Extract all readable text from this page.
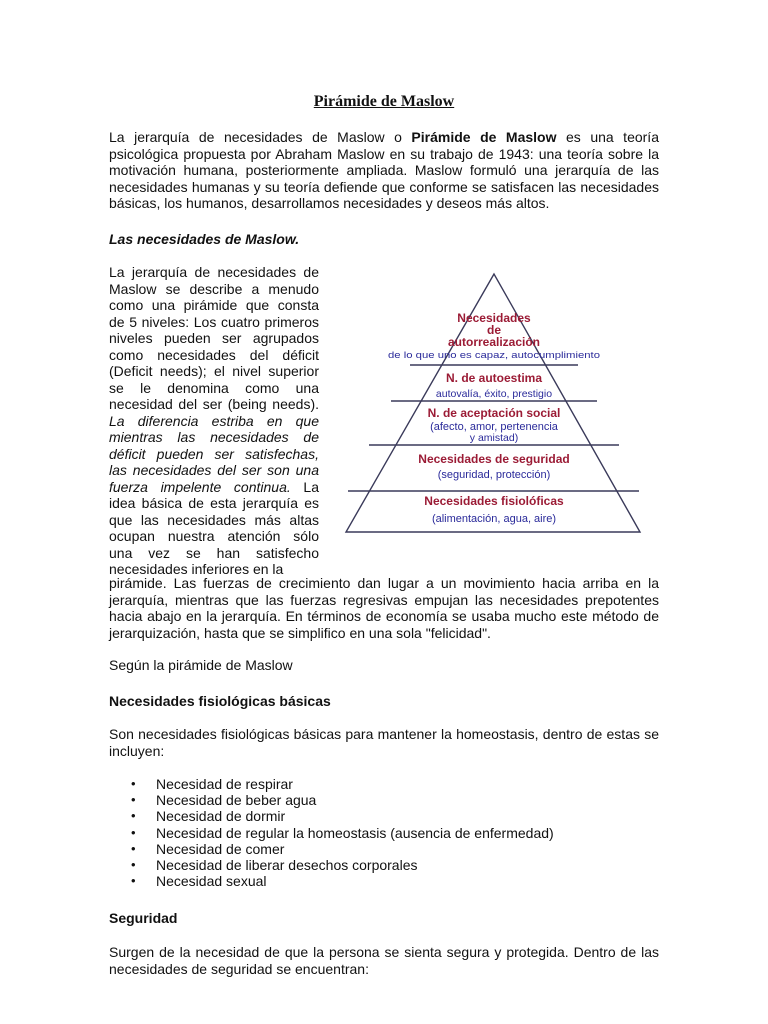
Pirámide de Maslow

La jerarquía de necesidades de Maslow o Pirámide de Maslow es una teoría psicológica propuesta por Abraham Maslow en su trabajo de 1943: una teoría sobre la motivación humana, posteriormente ampliada. Maslow formuló una jerarquía de las necesidades humanas y su teoría defiende que conforme se satisfacen las necesidades básicas, los humanos, desarrollamos necesidades y deseos más altos.

Las necesidades de Maslow.

La jerarquía de necesidades de Maslow se describe a menudo como una pirámide que consta de 5 niveles: Los cuatro primeros niveles pueden ser agrupados como necesidades del déficit (Deficit needs); el nivel superior se le denomina como una necesidad del ser (being needs). La diferencia estriba en que mientras las necesidades de déficit pueden ser satisfechas, las necesidades del ser son una fuerza impelente continua. La idea básica de esta jerarquía es que las necesidades más altas ocupan nuestra atención sólo una vez se han satisfecho necesidades inferiores en la

Necesidades
de
autorrealización
de lo que uno es capaz, autocumplimiento
N. de autoestima
autovalía, éxito, prestigio
N. de aceptación social
(afecto, amor, pertenencia
y amistad)
Necesidades de seguridad
(seguridad, protección)
Necesidades fisiolóficas
(alimentación, agua, aire)

pirámide. Las fuerzas de crecimiento dan lugar a un movimiento hacia arriba en la
jerarquía, mientras que las fuerzas regresivas empujan las necesidades prepotentes
hacia abajo en la jerarquía. En términos de economía se usaba mucho este método de
jerarquización, hasta que se simplifico en una sola "felicidad".

Según la pirámide de Maslow

Necesidades fisiológicas básicas

Son necesidades fisiológicas básicas para mantener la homeostasis, dentro de estas se incluyen:

• Necesidad de respirar
• Necesidad de beber agua
• Necesidad de dormir
• Necesidad de regular la homeostasis (ausencia de enfermedad)
• Necesidad de comer
• Necesidad de liberar desechos corporales
• Necesidad sexual
Seguridad

Surgen de la necesidad de que la persona se sienta segura y protegida. Dentro de las necesidades de seguridad se encuentran:
